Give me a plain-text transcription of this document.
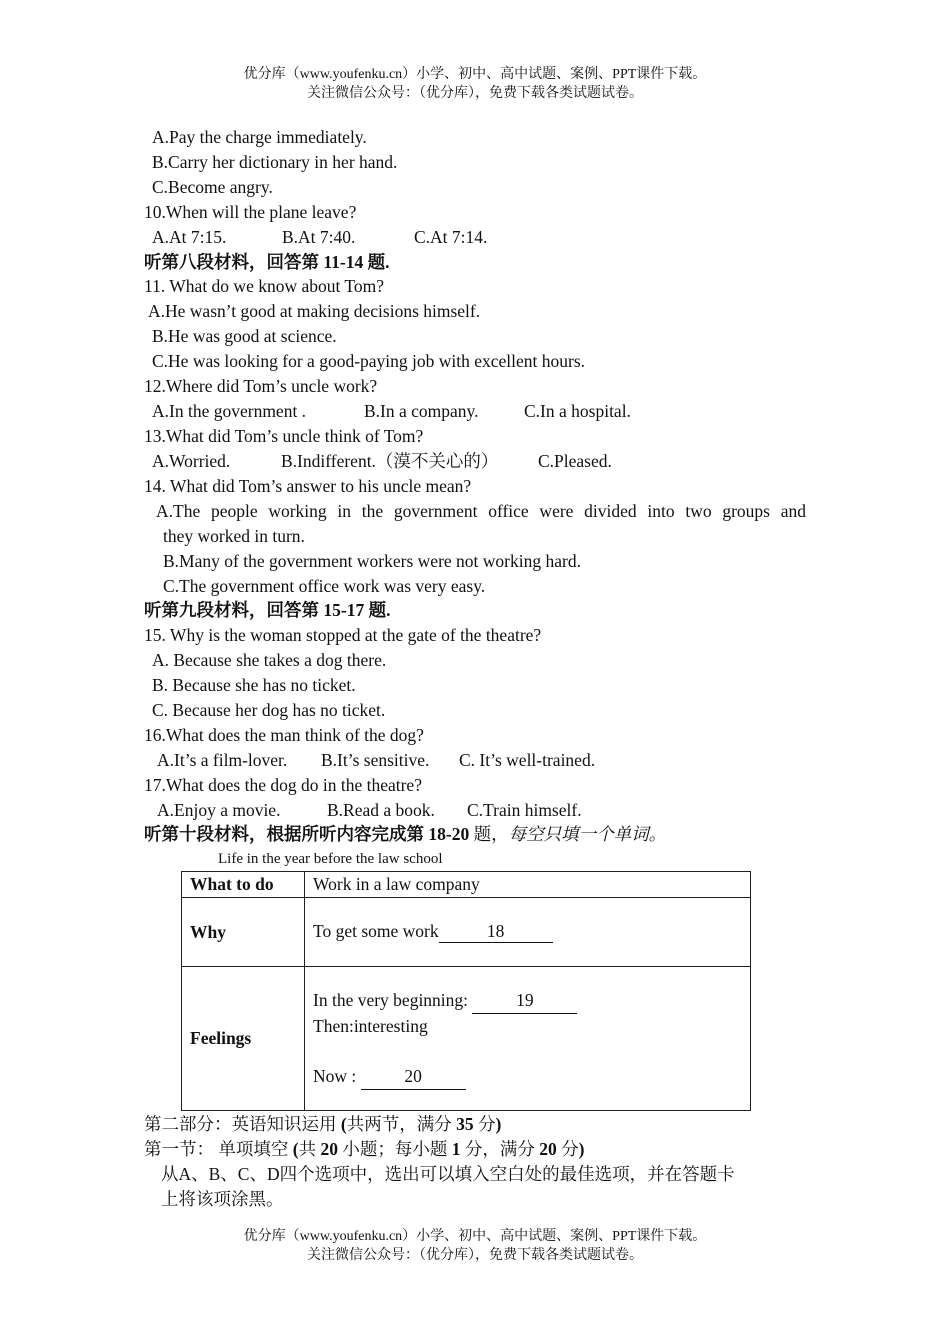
优分库（www.youfenku.cn）小学、初中、高中试题、案例、PPT课件下载。
关注微信公众号：（优分库），免费下载各类试题试卷。
A.Pay the charge immediately.
B.Carry her dictionary in her hand.
C.Become angry.
10.When will the plane leave?
A.At 7:15.	B.At 7:40.	C.At 7:14.
听第八段材料，回答第 11-14 题.
11. What do we know about Tom?
A.He wasn’t good at making decisions himself.
B.He was good at science.
C.He was looking for a good-paying job with excellent hours.
12.Where did Tom’s uncle work?
A.In the government .	B.In a company.	C.In a hospital.
13.What did Tom’s uncle think of Tom?
A.Worried.	B.Indifferent.（漠不关心的） C.Pleased.
14. What did Tom’s answer to his uncle mean?
A.The people working in the government office were divided into two groups and
they worked in turn.
B.Many of the government workers were not working hard.
C.The government office work was very easy.
听第九段材料，回答第 15-17 题.
15. Why is the woman stopped at the gate of the theatre?
A. Because she takes a dog there.
B. Because she has no ticket.
C. Because her dog has no ticket.
16.What does the man think of the dog?
A.It’s a film-lover. B.It’s sensitive. C. It’s well-trained.
17.What does the dog do in the theatre?
A.Enjoy a movie.	B.Read a book. C.Train himself.
听第十段材料，根据所听内容完成第 18-20 题，每空只填一个单词。
Life in the year before the law school
What to do	Work in a law company
Why	To get some work 18
Feelings	In the very beginning: 19
Then:interesting
Now : 20
第二部分：英语知识运用 (共两节，满分 35 分)
第一节： 单项填空 (共 20 小题；每小题 1 分，满分 20 分)
从A、B、C、D四个选项中，选出可以填入空白处的最佳选项，并在答题卡
上将该项涂黑。
优分库（www.youfenku.cn）小学、初中、高中试题、案例、PPT课件下载。
关注微信公众号：（优分库），免费下载各类试题试卷。
